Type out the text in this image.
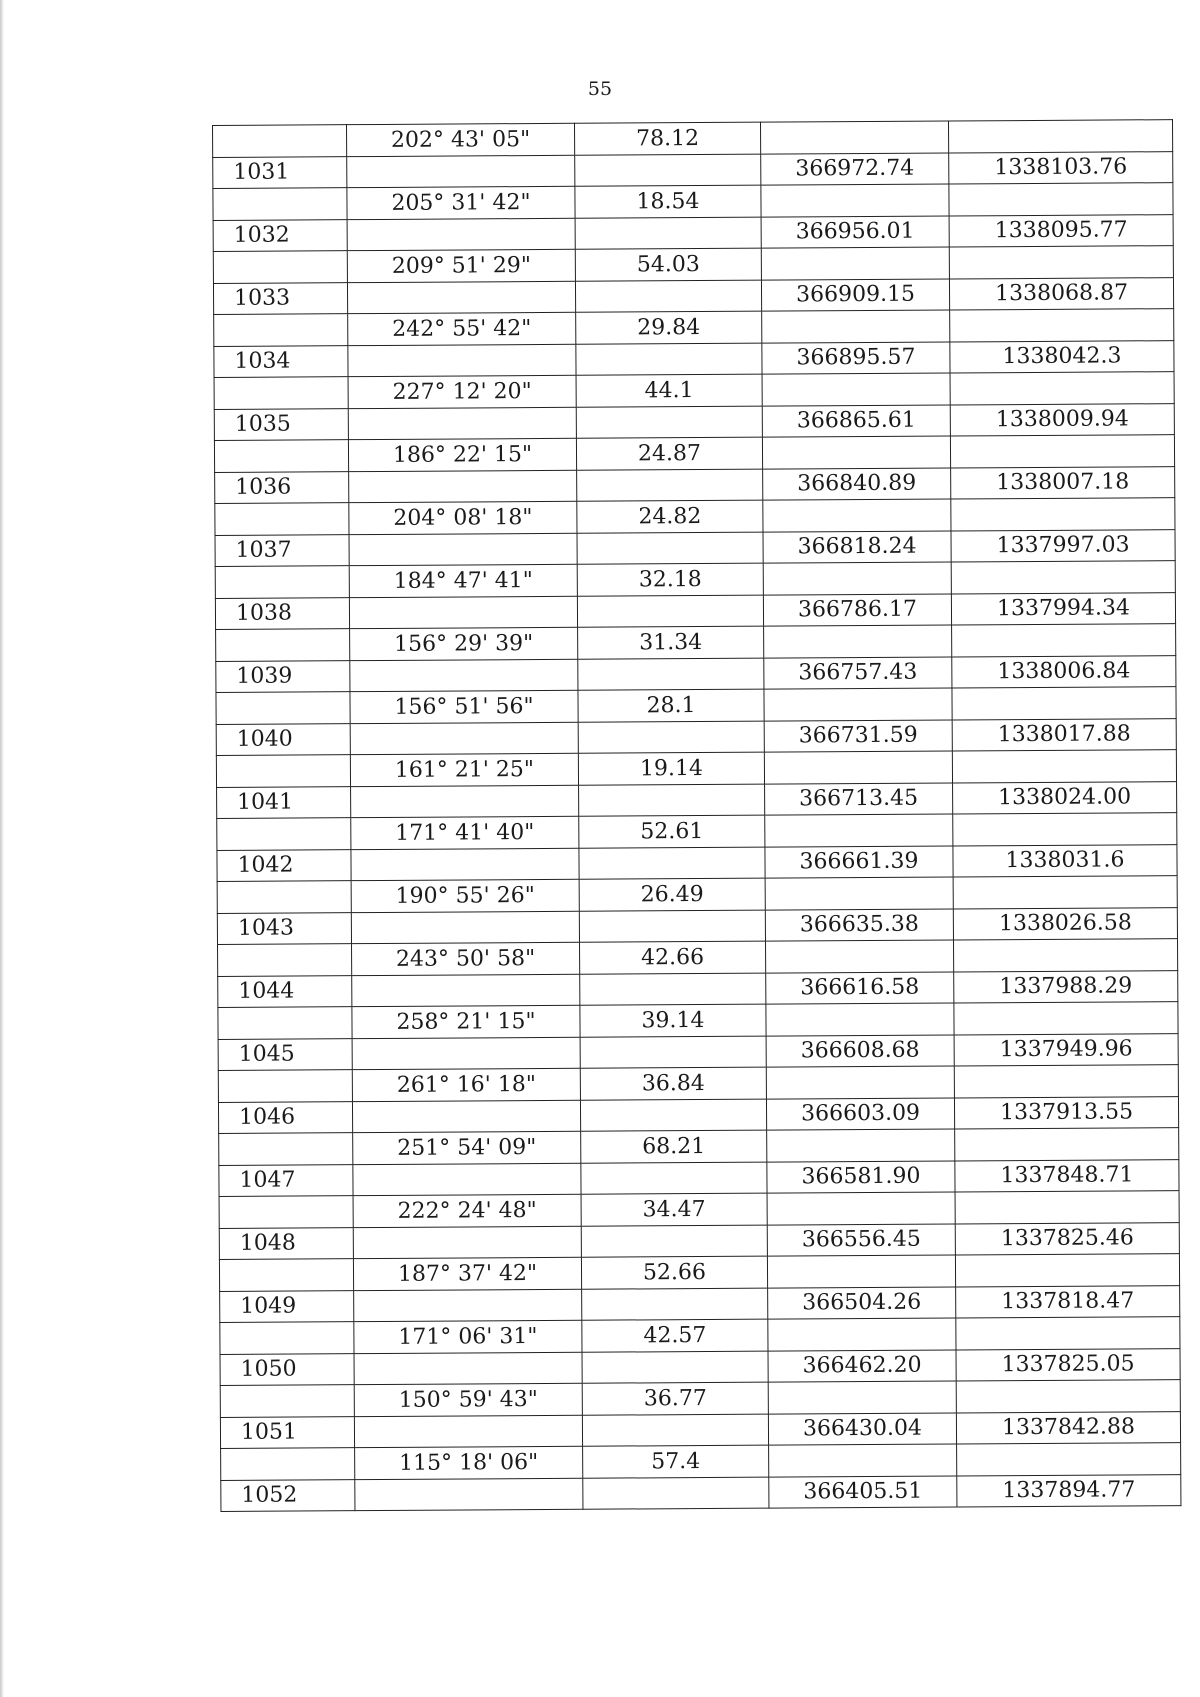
55
	202° 43' 05"	78.12		
1031			366972.74	1338103.76
	205° 31' 42"	18.54		
1032			366956.01	1338095.77
	209° 51' 29"	54.03		
1033			366909.15	1338068.87
	242° 55' 42"	29.84		
1034			366895.57	1338042.3
	227° 12' 20"	44.1		
1035			366865.61	1338009.94
	186° 22' 15"	24.87		
1036			366840.89	1338007.18
	204° 08' 18"	24.82		
1037			366818.24	1337997.03
	184° 47' 41"	32.18		
1038			366786.17	1337994.34
	156° 29' 39"	31.34		
1039			366757.43	1338006.84
	156° 51' 56"	28.1		
1040			366731.59	1338017.88
	161° 21' 25"	19.14		
1041			366713.45	1338024.00
	171° 41' 40"	52.61		
1042			366661.39	1338031.6
	190° 55' 26"	26.49		
1043			366635.38	1338026.58
	243° 50' 58"	42.66		
1044			366616.58	1337988.29
	258° 21' 15"	39.14		
1045			366608.68	1337949.96
	261° 16' 18"	36.84		
1046			366603.09	1337913.55
	251° 54' 09"	68.21		
1047			366581.90	1337848.71
	222° 24' 48"	34.47		
1048			366556.45	1337825.46
	187° 37' 42"	52.66		
1049			366504.26	1337818.47
	171° 06' 31"	42.57		
1050			366462.20	1337825.05
	150° 59' 43"	36.77		
1051			366430.04	1337842.88
	115° 18' 06"	57.4		
1052			366405.51	1337894.77
